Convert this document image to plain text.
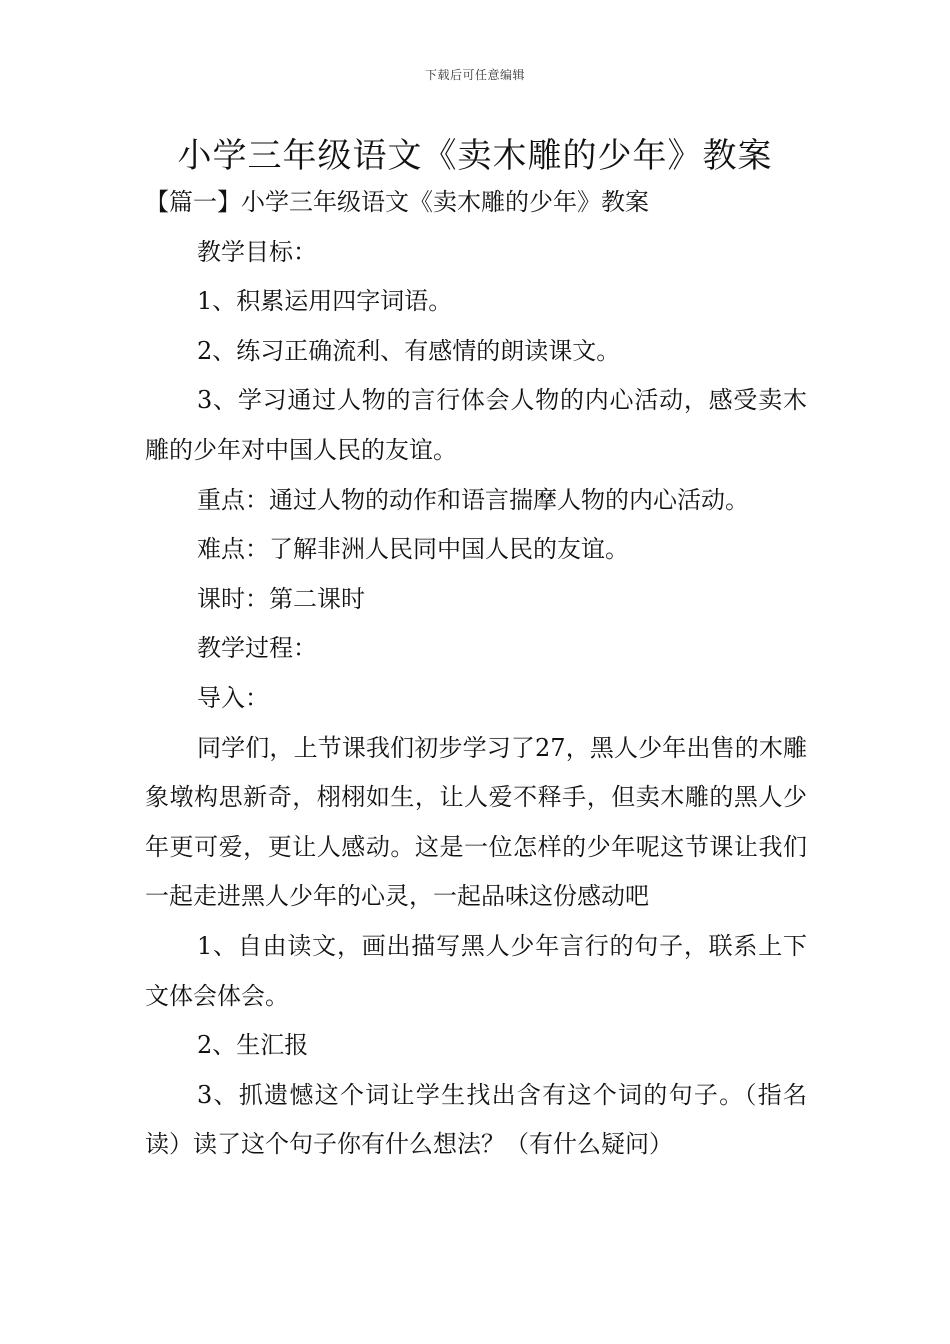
下载后可任意编辑
小学三年级语文《卖木雕的少年》教案

【篇一】小学三年级语文《卖木雕的少年》教案

教学目标：

1、积累运用四字词语。

2、练习正确流利、有感情的朗读课文。

3、学习通过人物的言行体会人物的内心活动，感受卖木雕的少年对中国人民的友谊。

重点：通过人物的动作和语言揣摩人物的内心活动。

难点：了解非洲人民同中国人民的友谊。

课时：第二课时

教学过程：

导入：

同学们，上节课我们初步学习了27，黑人少年出售的木雕象墩构思新奇，栩栩如生，让人爱不释手，但卖木雕的黑人少年更可爱，更让人感动。这是一位怎样的少年呢这节课让我们一起走进黑人少年的心灵，一起品味这份感动吧

1、自由读文，画出描写黑人少年言行的句子，联系上下文体会体会。

2、生汇报

3、抓遗憾这个词让学生找出含有这个词的句子。（指名读）读了这个句子你有什么想法？（有什么疑问）
